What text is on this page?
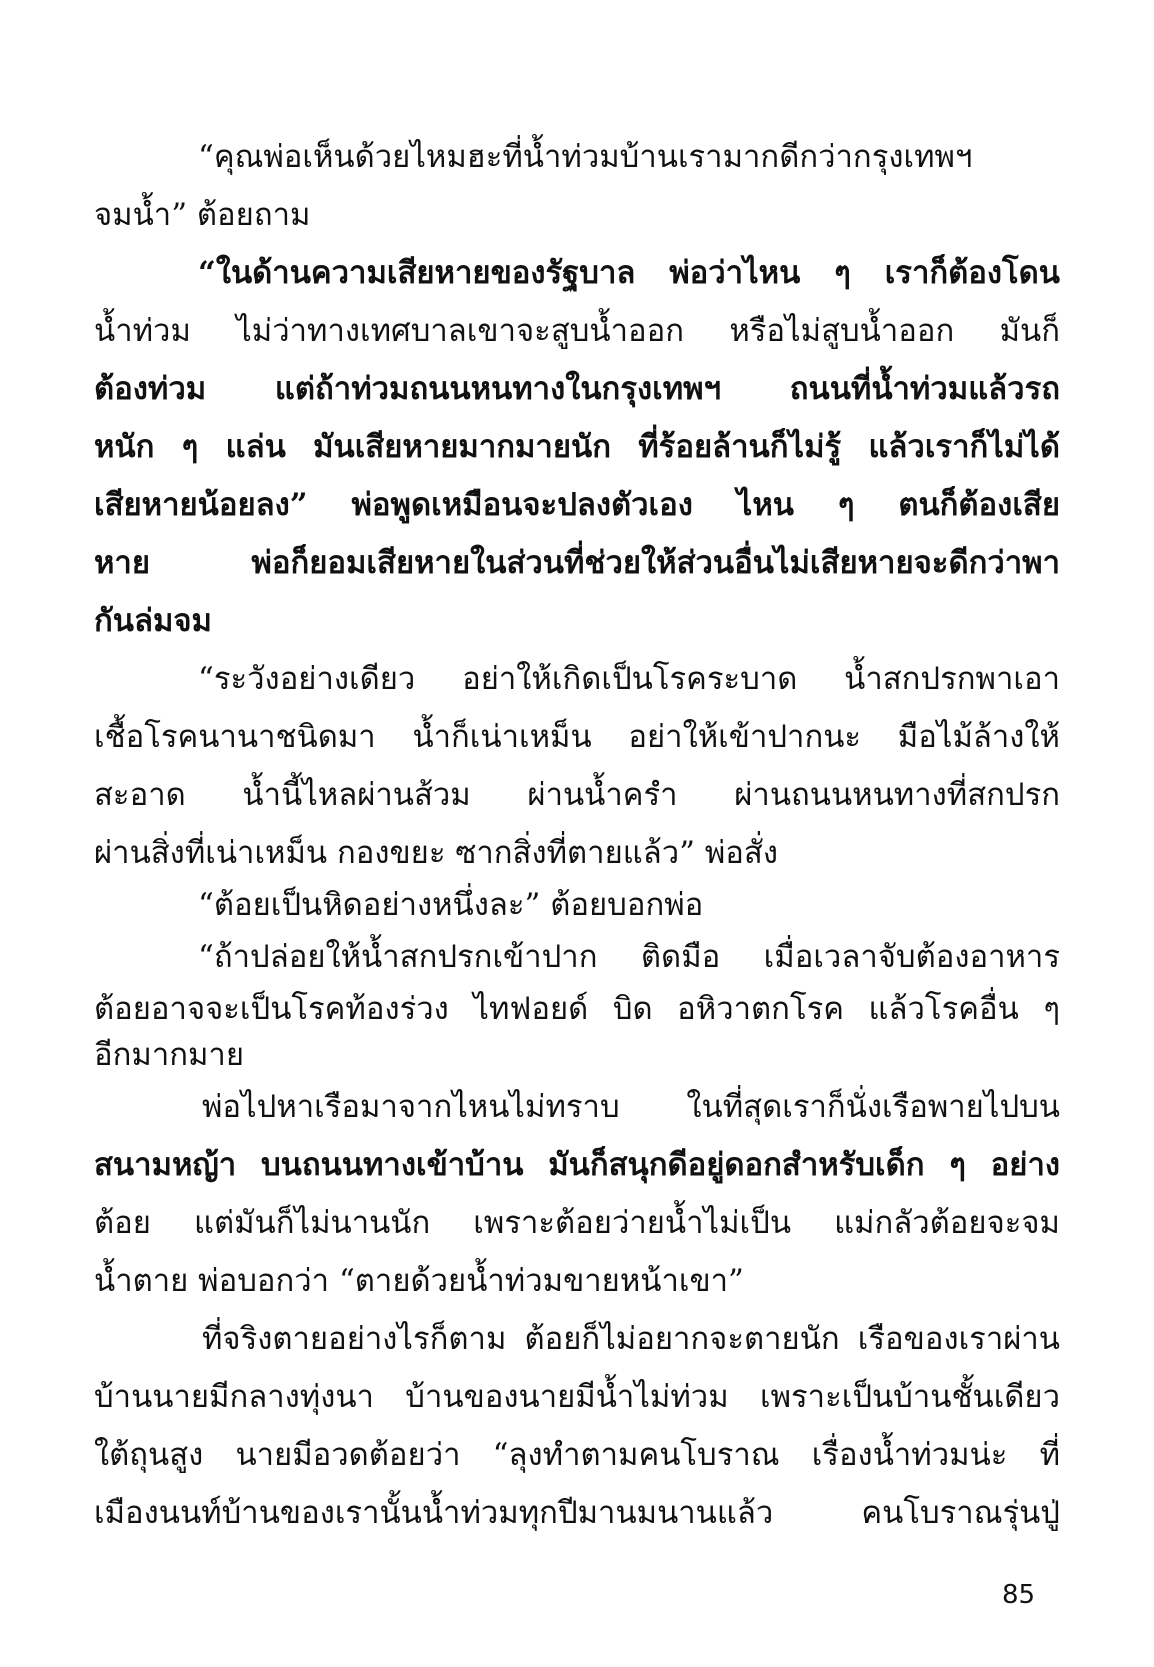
“คุณพ่อเห็นด้วยไหมฮะที่น้ำท่วมบ้านเรามากดีกว่ากรุงเทพฯ
จมน้ำ” ต้อยถาม
“ในด้านความเสียหายของรัฐบาล พ่อว่าไหน ๆ เราก็ต้องโดน
น้ำท่วม ไม่ว่าทางเทศบาลเขาจะสูบน้ำออก หรือไม่สูบน้ำออก มันก็
ต้องท่วม แต่ถ้าท่วมถนนหนทางในกรุงเทพฯ ถนนที่น้ำท่วมแล้วรถ
หนัก ๆ แล่น มันเสียหายมากมายนัก ที่ร้อยล้านก็ไม่รู้ แล้วเราก็ไม่ได้
เสียหายน้อยลง” พ่อพูดเหมือนจะปลงตัวเอง ไหน ๆ ตนก็ต้องเสีย
หาย พ่อก็ยอมเสียหายในส่วนที่ช่วยให้ส่วนอื่นไม่เสียหายจะดีกว่าพา
กันล่มจม
“ระวังอย่างเดียว อย่าให้เกิดเป็นโรคระบาด น้ำสกปรกพาเอา
เชื้อโรคนานาชนิดมา น้ำก็เน่าเหม็น อย่าให้เข้าปากนะ มือไม้ล้างให้
สะอาด น้ำนี้ไหลผ่านส้วม ผ่านน้ำครำ ผ่านถนนหนทางที่สกปรก
ผ่านสิ่งที่เน่าเหม็น กองขยะ ซากสิ่งที่ตายแล้ว” พ่อสั่ง
“ต้อยเป็นหิดอย่างหนึ่งละ” ต้อยบอกพ่อ
“ถ้าปล่อยให้น้ำสกปรกเข้าปาก ติดมือ เมื่อเวลาจับต้องอาหาร
ต้อยอาจจะเป็นโรคท้องร่วง ไทฟอยด์ บิด อหิวาตกโรค แล้วโรคอื่น ๆ
อีกมากมาย
พ่อไปหาเรือมาจากไหนไม่ทราบ ในที่สุดเราก็นั่งเรือพายไปบน
สนามหญ้า บนถนนทางเข้าบ้าน มันก็สนุกดีอยู่ดอกสำหรับเด็ก ๆ อย่าง
ต้อย แต่มันก็ไม่นานนัก เพราะต้อยว่ายน้ำไม่เป็น แม่กลัวต้อยจะจม
น้ำตาย พ่อบอกว่า “ตายด้วยน้ำท่วมขายหน้าเขา”
ที่จริงตายอย่างไรก็ตาม ต้อยก็ไม่อยากจะตายนัก เรือของเราผ่าน
บ้านนายมีกลางทุ่งนา บ้านของนายมีน้ำไม่ท่วม เพราะเป็นบ้านชั้นเดียว
ใต้ถุนสูง นายมีอวดต้อยว่า “ลุงทำตามคนโบราณ เรื่องน้ำท่วมน่ะ ที่
เมืองนนท์บ้านของเรานั้นน้ำท่วมทุกปีมานมนานแล้ว คนโบราณรุ่นปู่
85
